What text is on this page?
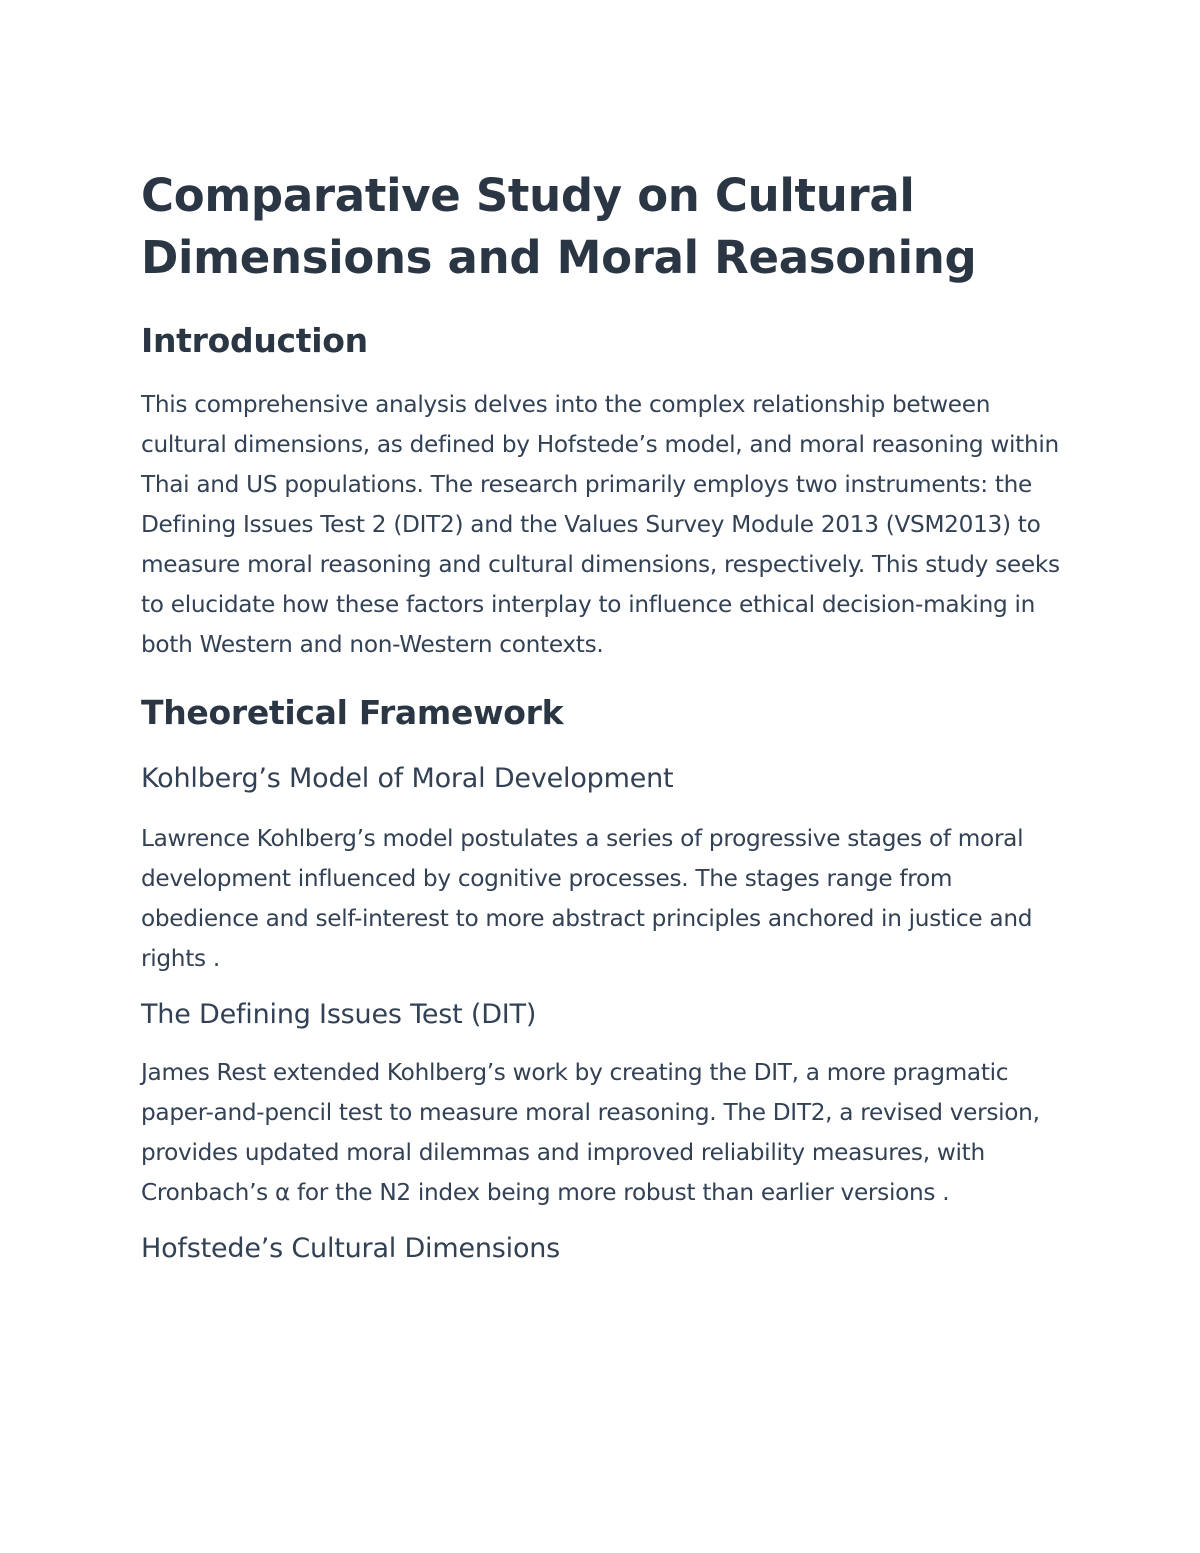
Comparative Study on Cultural Dimensions and Moral Reasoning
Introduction

This comprehensive analysis delves into the complex relationship between cultural dimensions, as defined by Hofstede’s model, and moral reasoning within Thai and US populations. The research primarily employs two instruments: the Defining Issues Test 2 (DIT2) and the Values Survey Module 2013 (VSM2013) to measure moral reasoning and cultural dimensions, respectively. This study seeks to elucidate how these factors interplay to influence ethical decision-making in both Western and non-Western contexts.

Theoretical Framework
Kohlberg’s Model of Moral Development

Lawrence Kohlberg’s model postulates a series of progressive stages of moral development influenced by cognitive processes. The stages range from obedience and self-interest to more abstract principles anchored in justice and rights .

The Defining Issues Test (DIT)

James Rest extended Kohlberg’s work by creating the DIT, a more pragmatic paper-and-pencil test to measure moral reasoning. The DIT2, a revised version, provides updated moral dilemmas and improved reliability measures, with Cronbach’s α for the N2 index being more robust than earlier versions .

Hofstede’s Cultural Dimensions
